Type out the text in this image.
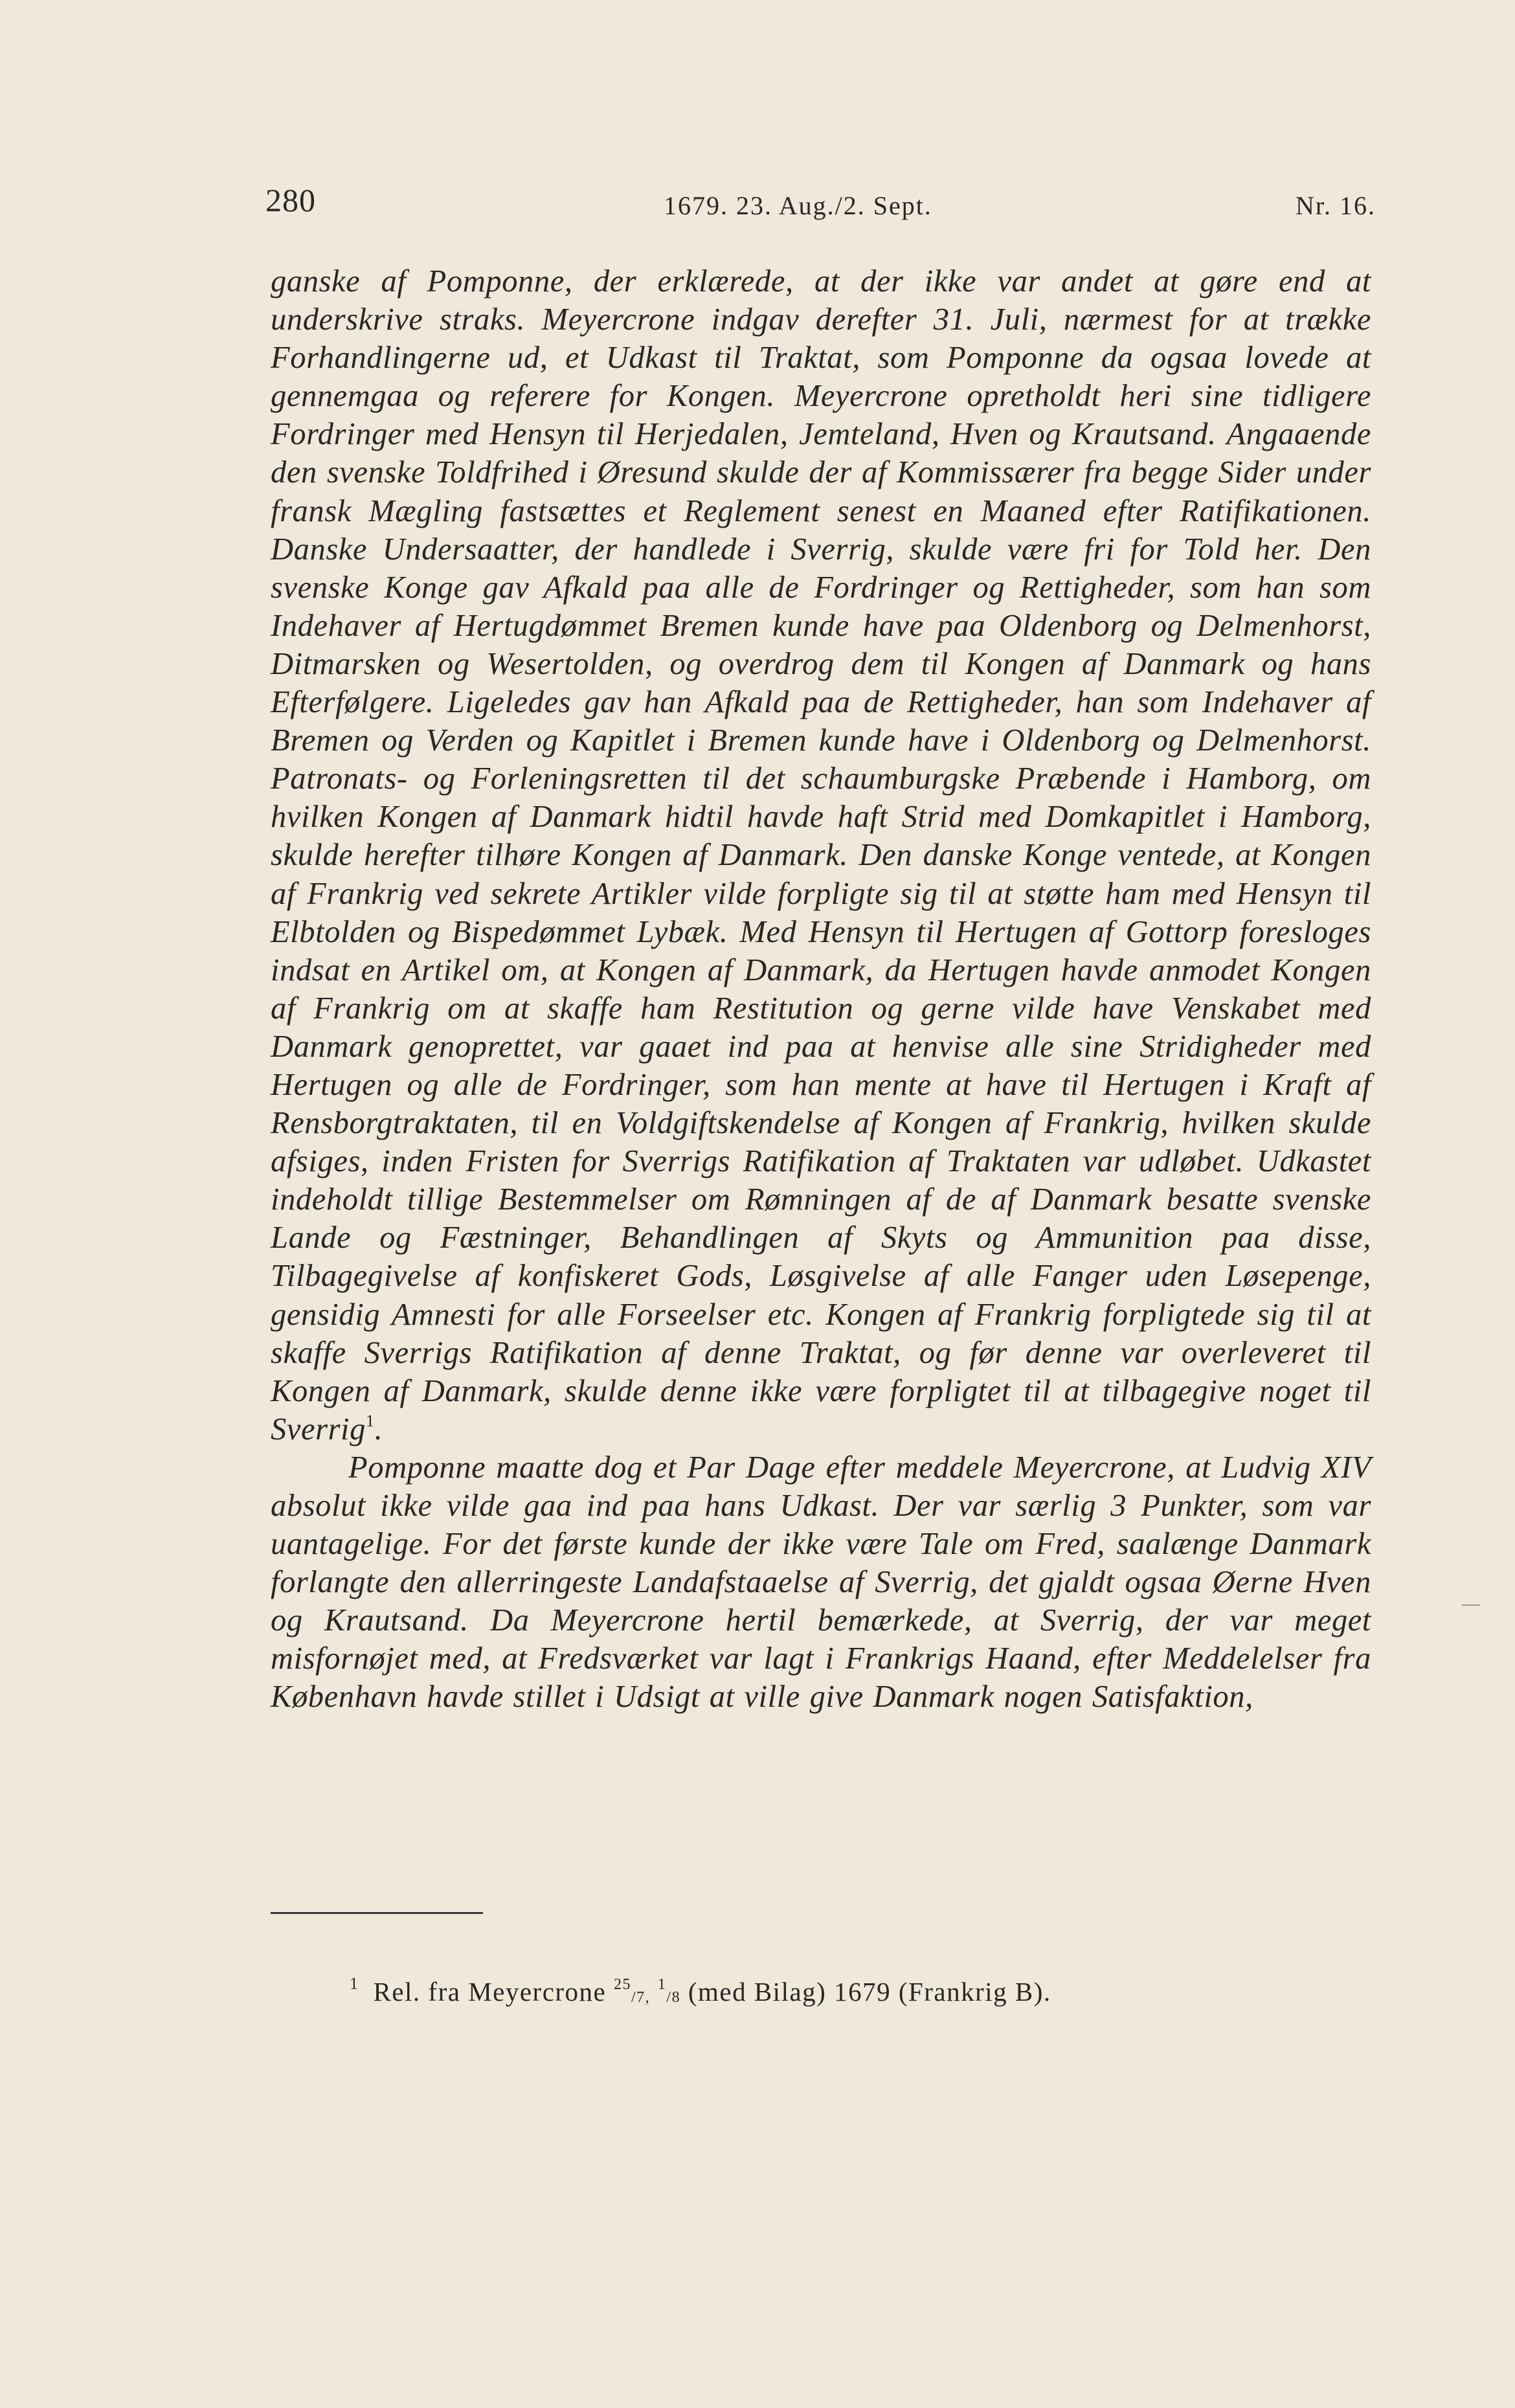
280	1679. 23. Aug./2. Sept.	Nr. 16.

ganske af Pomponne, der erklærede, at der ikke var andet at gøre end at underskrive straks. Meyercrone indgav derefter 31. Juli, nærmest for at trække Forhandlingerne ud, et Udkast til Traktat, som Pomponne da ogsaa lovede at gennemgaa og referere for Kongen. Meyercrone opretholdt heri sine tidligere Fordringer med Hensyn til Herjedalen, Jemteland, Hven og Krautsand. Angaaende den svenske Toldfrihed i Øresund skulde der af Kommissærer fra begge Sider under fransk Mægling fastsættes et Reglement senest en Maaned efter Ratifikationen. Danske Undersaatter, der handlede i Sverrig, skulde være fri for Told her. Den svenske Konge gav Afkald paa alle de Fordringer og Rettigheder, som han som Indehaver af Hertugdømmet Bremen kunde have paa Oldenborg og Delmenhorst, Ditmarsken og Wesertolden, og overdrog dem til Kongen af Danmark og hans Efterfølgere. Ligeledes gav han Afkald paa de Rettigheder, han som Indehaver af Bremen og Verden og Kapitlet i Bremen kunde have i Oldenborg og Delmenhorst. Patronats- og Forleningsretten til det schaumburgske Præbende i Hamborg, om hvilken Kongen af Danmark hidtil havde haft Strid med Domkapitlet i Hamborg, skulde herefter tilhøre Kongen af Danmark. Den danske Konge ventede, at Kongen af Frankrig ved sekrete Artikler vilde forpligte sig til at støtte ham med Hensyn til Elbtolden og Bispedømmet Lybæk. Med Hensyn til Hertugen af Gottorp foresloges indsat en Artikel om, at Kongen af Danmark, da Hertugen havde anmodet Kongen af Frankrig om at skaffe ham Restitution og gerne vilde have Venskabet med Danmark genoprettet, var gaaet ind paa at henvise alle sine Stridigheder med Hertugen og alle de Fordringer, som han mente at have til Hertugen i Kraft af Rensborgtraktaten, til en Voldgiftskendelse af Kongen af Frankrig, hvilken skulde afsiges, inden Fristen for Sverrigs Ratifikation af Traktaten var udløbet. Udkastet indeholdt tillige Bestemmelser om Rømningen af de af Danmark besatte svenske Lande og Fæstninger, Behandlingen af Skyts og Ammunition paa disse, Tilbagegivelse af konfiskeret Gods, Løsgivelse af alle Fanger uden Løsepenge, gensidig Amnesti for alle Forseelser etc. Kongen af Frankrig forpligtede sig til at skaffe Sverrigs Ratifikation af denne Traktat, og før denne var overleveret til Kongen af Danmark, skulde denne ikke være forpligtet til at tilbagegive noget til Sverrig$^1$.

Pomponne maatte dog et Par Dage efter meddele Meyercrone, at Ludvig XIV absolut ikke vilde gaa ind paa hans Udkast. Der var særlig 3 Punkter, som var uantagelige. For det første kunde der ikke være Tale om Fred, saalænge Danmark forlangte den allerringeste Landafstaaelse af Sverrig, det gjaldt ogsaa Øerne Hven og Krautsand. Da Meyercrone hertil bemærkede, at Sverrig, der var meget misfornøjet med, at Fredsværket var lagt i Frankrigs Haand, efter Meddelelser fra København havde stillet i Udsigt at ville give Danmark nogen Satisfaktion,

$^1$ Rel. fra Meyercrone $^{25}$/7, $^1$/8 (med Bilag) 1679 (Frankrig B).
